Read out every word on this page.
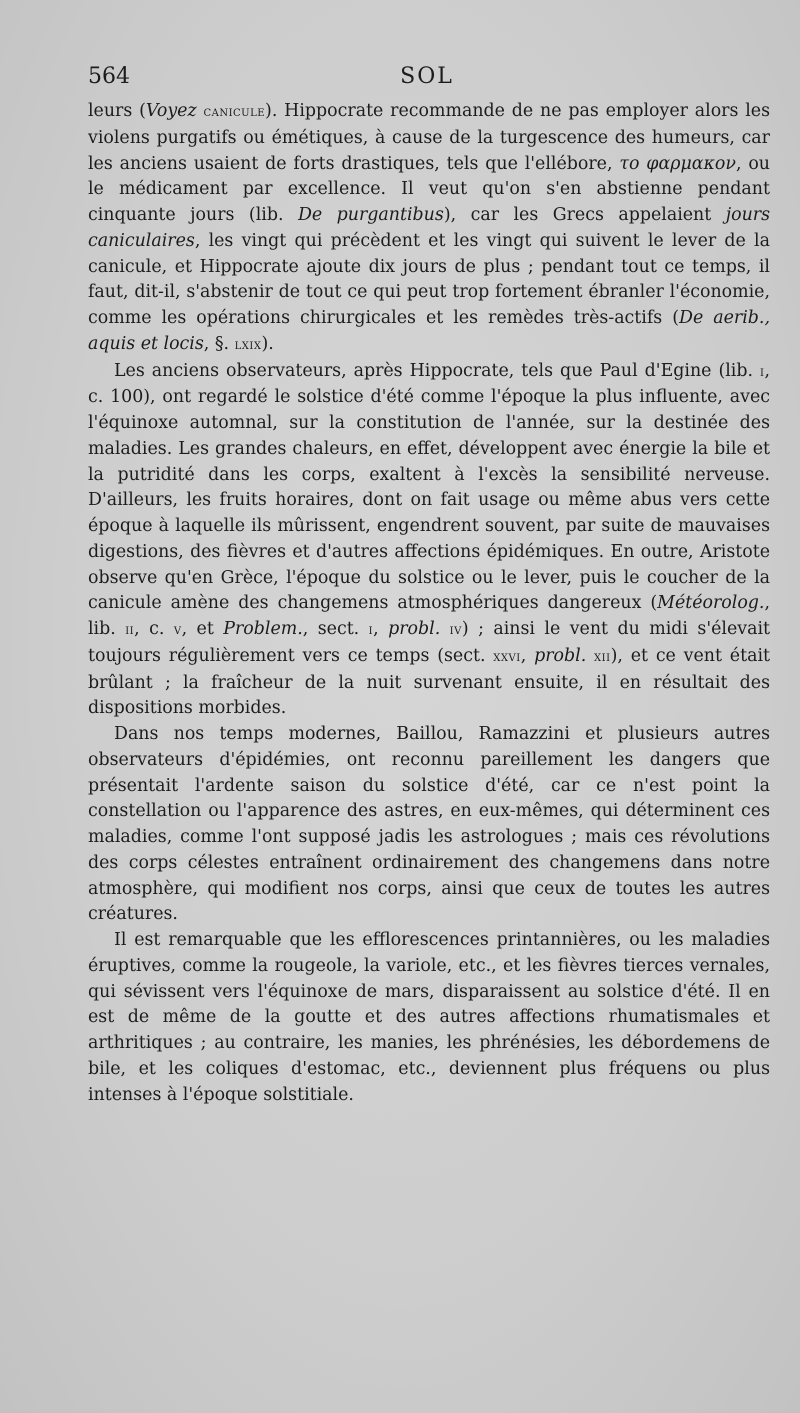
564	SOL

leurs (Voyez canicule). Hippocrate recommande de ne pas employer alors les violens purgatifs ou émétiques, à cause de la turgescence des humeurs, car les anciens usaient de forts drastiques, tels que l'ellébore, το φαρμακον, ou le médicament par excellence. Il veut qu'on s'en abstienne pendant cinquante jours (lib. De purgantibus), car les Grecs appelaient jours caniculaires, les vingt qui précèdent et les vingt qui suivent le lever de la canicule, et Hippocrate ajoute dix jours de plus ; pendant tout ce temps, il faut, dit-il, s'abstenir de tout ce qui peut trop fortement ébranler l'économie, comme les opérations chirurgicales et les remèdes très-actifs (De aerib., aquis et locis, §. lxix).

Les anciens observateurs, après Hippocrate, tels que Paul d'Egine (lib. i, c. 100), ont regardé le solstice d'été comme l'époque la plus influente, avec l'équinoxe automnal, sur la constitution de l'année, sur la destinée des maladies. Les grandes chaleurs, en effet, développent avec énergie la bile et la putridité dans les corps, exaltent à l'excès la sensibilité nerveuse. D'ailleurs, les fruits horaires, dont on fait usage ou même abus vers cette époque à laquelle ils mûrissent, engendrent souvent, par suite de mauvaises digestions, des fièvres et d'autres affections épidémiques. En outre, Aristote observe qu'en Grèce, l'époque du solstice ou le lever, puis le coucher de la canicule amène des changemens atmosphériques dangereux (Météorolog., lib. ii, c. v, et Problem., sect. i, probl. iv) ; ainsi le vent du midi s'élevait toujours régulièrement vers ce temps (sect. xxvi, probl. xii), et ce vent était brûlant ; la fraîcheur de la nuit survenant ensuite, il en résultait des dispositions morbides.

Dans nos temps modernes, Baillou, Ramazzini et plusieurs autres observateurs d'épidémies, ont reconnu pareillement les dangers que présentait l'ardente saison du solstice d'été, car ce n'est point la constellation ou l'apparence des astres, en eux-mêmes, qui déterminent ces maladies, comme l'ont supposé jadis les astrologues ; mais ces révolutions des corps célestes entraînent ordinairement des changemens dans notre atmosphère, qui modifient nos corps, ainsi que ceux de toutes les autres créatures.

Il est remarquable que les efflorescences printannières, ou les maladies éruptives, comme la rougeole, la variole, etc., et les fièvres tierces vernales, qui sévissent vers l'équinoxe de mars, disparaissent au solstice d'été. Il en est de même de la goutte et des autres affections rhumatismales et arthritiques ; au contraire, les manies, les phrénésies, les débordemens de bile, et les coliques d'estomac, etc., deviennent plus fréquens ou plus intenses à l'époque solstitiale.
